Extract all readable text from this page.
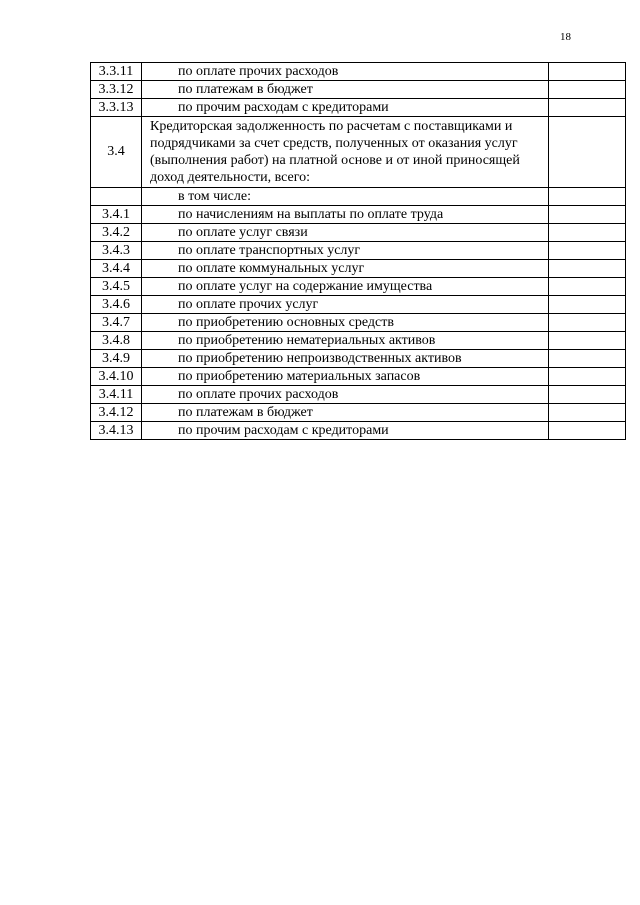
18
3.3.11	по оплате прочих расходов	
3.3.12	по платежам в бюджет	
3.3.13	по прочим расходам с кредиторами	
3.4	Кредиторская задолженность по расчетам с поставщиками и подрядчиками за счет средств, полученных от оказания услуг (выполнения работ) на платной основе и от иной приносящей доход деятельности, всего:	
	в том числе:	
3.4.1	по начислениям на выплаты по оплате труда	
3.4.2	по оплате услуг связи	
3.4.3	по оплате транспортных услуг	
3.4.4	по оплате коммунальных услуг	
3.4.5	по оплате услуг на содержание имущества	
3.4.6	по оплате прочих услуг	
3.4.7	по приобретению основных средств	
3.4.8	по приобретению нематериальных активов	
3.4.9	по приобретению непроизводственных активов	
3.4.10	по приобретению материальных запасов	
3.4.11	по оплате прочих расходов	
3.4.12	по платежам в бюджет	
3.4.13	по прочим расходам с кредиторами	
